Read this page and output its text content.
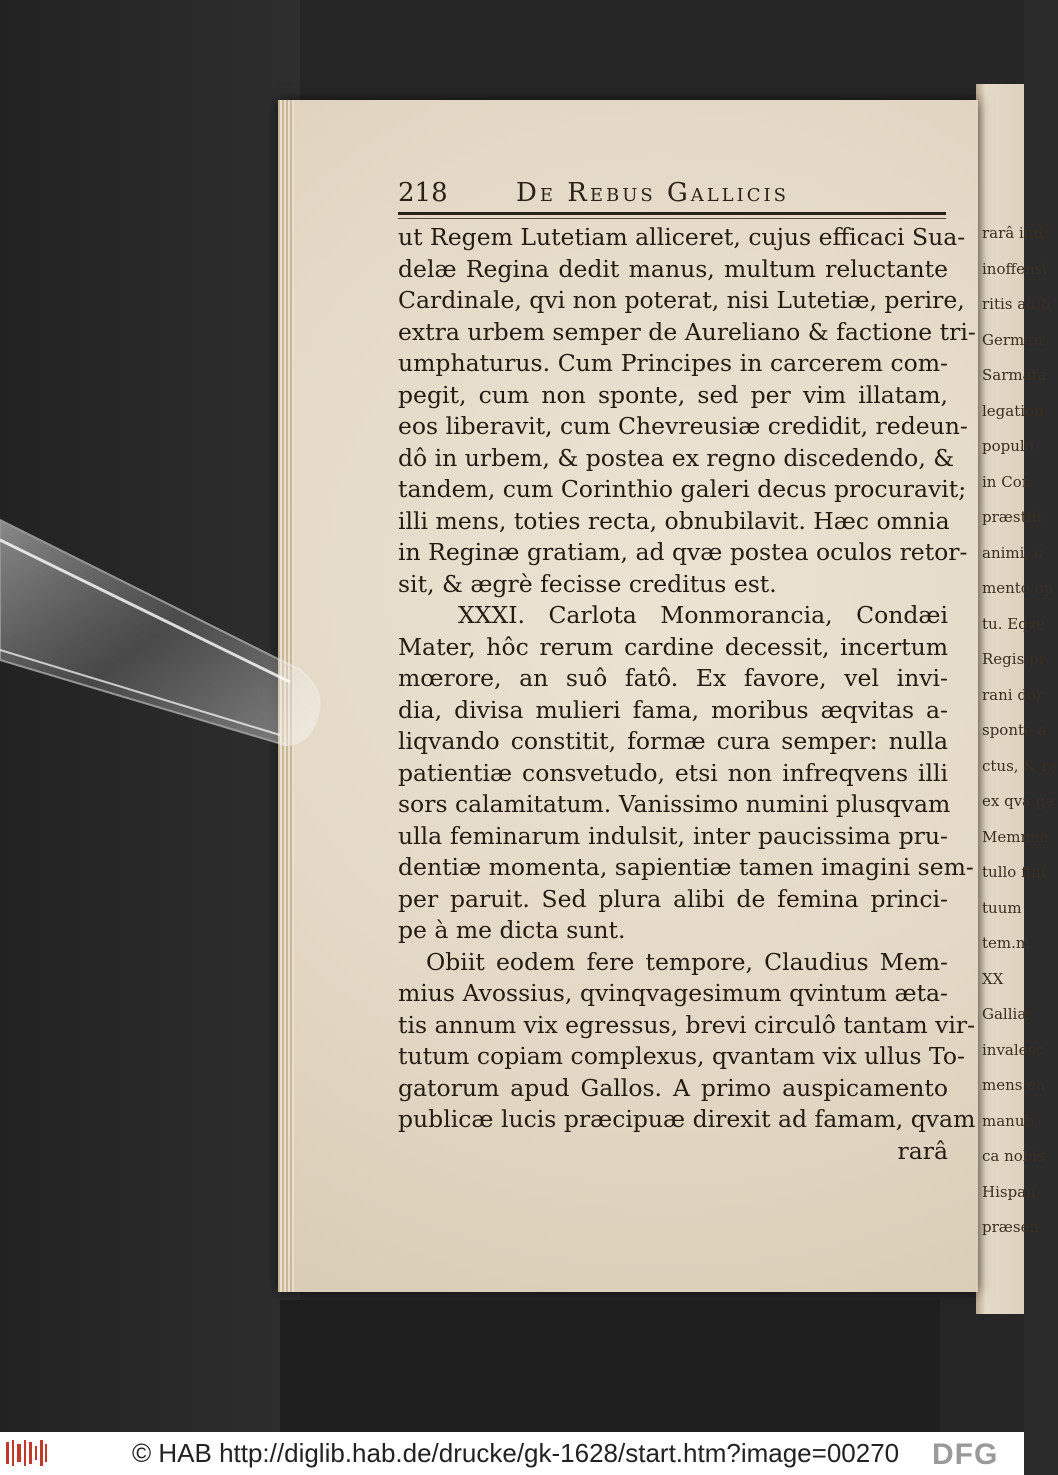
rarâ indi
inoffensi
ritis ad b
German
Sarmata
legation
populo
in Con
præstiti
animi, u
mento op
tu. Eqve
Regis pr
rani dor
sponte a
ctus, & re
ex qva ge
Memmia
tullo fini
tuum
tem.m
XX
Galliæ
invalesc
mens ea
manub
ca nobis
Hispan
præsen
218	De Rebus Gallicis
ut Regem Lutetiam alliceret, cujus efficaci Sua-
delæ Regina dedit manus, multum reluctante
Cardinale, qvi non poterat, nisi Lutetiæ, perire,
extra urbem semper de Aureliano & factione tri-
umphaturus. Cum Principes in carcerem com-
pegit, cum non sponte, sed per vim illatam,
eos liberavit, cum Chevreusiæ credidit, redeun-
dô in urbem, & postea ex regno discedendo, &
tandem, cum Corinthio galeri decus procuravit;
illi mens, toties recta, obnubilavit. Hæc omnia
in Reginæ gratiam, ad qvæ postea oculos retor-
sit, & ægrè fecisse creditus est.
XXXI. Carlota Monmorancia, Condæi
Mater, hôc rerum cardine decessit, incertum
mœrore, an suô fatô. Ex favore, vel invi-
dia, divisa mulieri fama, moribus æqvitas a-
liqvando constitit, formæ cura semper: nulla
patientiæ consvetudo, etsi non infreqvens illi
sors calamitatum. Vanissimo numini plusqvam
ulla feminarum indulsit, inter paucissima pru-
dentiæ momenta, sapientiæ tamen imagini sem-
per paruit. Sed plura alibi de femina princi-
pe à me dicta sunt.
Obiit eodem fere tempore, Claudius Mem-
mius Avossius, qvinqvagesimum qvintum æta-
tis annum vix egressus, brevi circulô tantam vir-
tutum copiam complexus, qvantam vix ullus To-
gatorum apud Gallos. A primo auspicamento
publicæ lucis præcipuæ direxit ad famam, qvam
rarâ
© HAB http://diglib.hab.de/drucke/gk-1628/start.htm?image=00270 DFG
